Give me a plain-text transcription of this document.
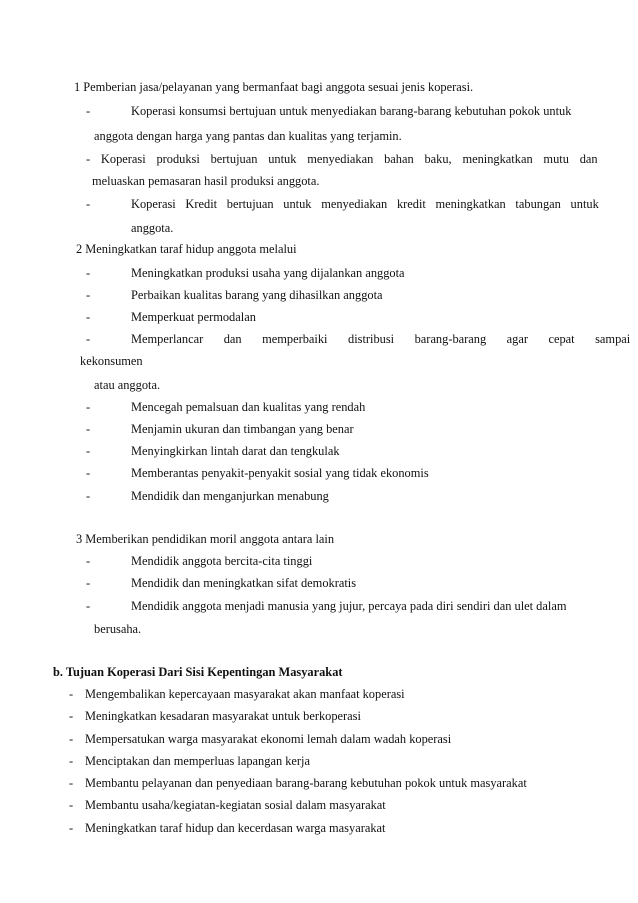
1 Pemberian jasa/pelayanan yang bermanfaat bagi anggota sesuai jenis koperasi.
-	Koperasi konsumsi bertujuan untuk menyediakan barang-barang kebutuhan pokok untuk
anggota dengan harga yang pantas dan kualitas yang terjamin.
- Koperasi produksi bertujuan untuk menyediakan bahan baku, meningkatkan mutu dan
meluaskan pemasaran hasil produksi anggota.
-	Koperasi Kredit bertujuan untuk menyediakan kredit meningkatkan tabungan untuk
anggota.
2 Meningkatkan taraf hidup anggota melalui
-	Meningkatkan produksi usaha yang dijalankan anggota
-	Perbaikan kualitas barang yang dihasilkan anggota
-	Memperkuat permodalan
-	Memperlancar dan memperbaiki distribusi barang-barang agar cepat sampai
kekonsumen
atau anggota.
-	Mencegah pemalsuan dan kualitas yang rendah
-	Menjamin ukuran dan timbangan yang benar
-	Menyingkirkan lintah darat dan tengkulak
-	Memberantas penyakit-penyakit sosial yang tidak ekonomis
-	Mendidik dan menganjurkan menabung
3 Memberikan pendidikan moril anggota antara lain
-	Mendidik anggota bercita-cita tinggi
-	Mendidik dan meningkatkan sifat demokratis
-	Mendidik anggota menjadi manusia yang jujur, percaya pada diri sendiri dan ulet dalam
berusaha.
b. Tujuan Koperasi Dari Sisi Kepentingan Masyarakat
- Mengembalikan kepercayaan masyarakat akan manfaat koperasi
- Meningkatkan kesadaran masyarakat untuk berkoperasi
- Mempersatukan warga masyarakat ekonomi lemah dalam wadah koperasi
- Menciptakan dan memperluas lapangan kerja
- Membantu pelayanan dan penyediaan barang-barang kebutuhan pokok untuk masyarakat
- Membantu usaha/kegiatan-kegiatan sosial dalam masyarakat
- Meningkatkan taraf hidup dan kecerdasan warga masyarakat
